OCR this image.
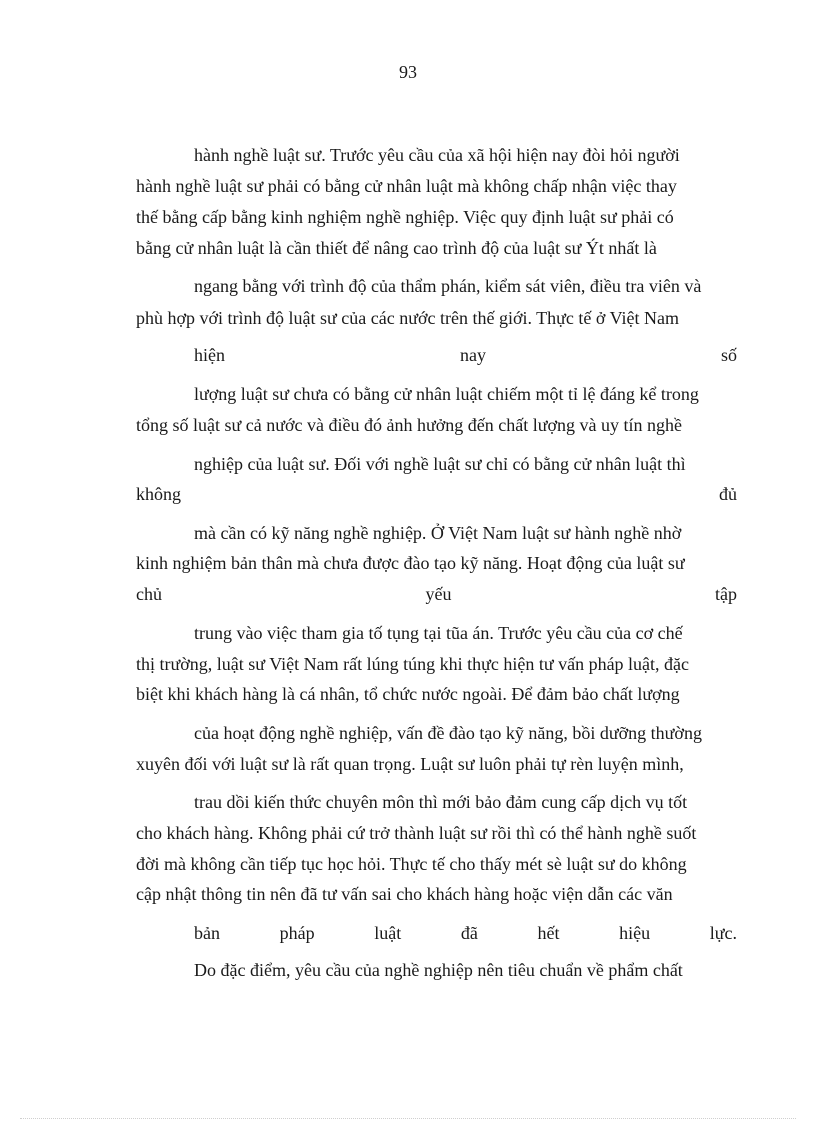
93
hành nghề luật sư. Trước yêu cầu của xã hội hiện nay đòi hỏi người
hành nghề luật sư phải có bằng cử nhân luật mà không chấp nhận việc thay
thế bằng cấp bằng kinh nghiệm nghề nghiệp. Việc quy định luật sư phải có
bằng cử nhân luật là cần thiết để nâng cao trình độ của luật sư Ýt nhất là
ngang bằng với trình độ của thẩm phán, kiểm sát viên, điều tra viên và
phù hợp với trình độ luật sư của các nước trên thế giới. Thực tế ở Việt Nam
hiện	nay	số
lượng luật sư chưa có bằng cử nhân luật chiếm một tỉ lệ đáng kể trong
tổng số luật sư cả nước và điều đó ảnh hưởng đến chất lượng và uy tín nghề
nghiệp của luật sư. Đối với nghề luật sư chỉ có bằng cử nhân luật thì
không	đủ
mà cần có kỹ năng nghề nghiệp. Ở Việt Nam luật sư hành nghề nhờ
kinh nghiệm bản thân mà chưa được đào tạo kỹ năng. Hoạt động của luật sư
chủ	yếu	tập
trung vào việc tham gia tố tụng tại tũa án. Trước yêu cầu của cơ chế
thị trường, luật sư Việt Nam rất lúng túng khi thực hiện tư vấn pháp luật, đặc
biệt khi khách hàng là cá nhân, tổ chức nước ngoài. Để đảm bảo chất lượng
của hoạt động nghề nghiệp, vấn đề đào tạo kỹ năng, bồi dưỡng thường
xuyên đối với luật sư là rất quan trọng. Luật sư luôn phải tự rèn luyện mình,
trau dồi kiến thức chuyên môn thì mới bảo đảm cung cấp dịch vụ tốt
cho khách hàng. Không phải cứ trở thành luật sư rồi thì có thể hành nghề suốt
đời mà không cần tiếp tục học hỏi. Thực tế cho thấy mét sè luật sư do không
cập nhật thông tin nên đã tư vấn sai cho khách hàng hoặc viện dẫn các văn
bản	pháp	luật	đã	hết	hiệu	lực.
Do đặc điểm, yêu cầu của nghề nghiệp nên tiêu chuẩn về phẩm chất
